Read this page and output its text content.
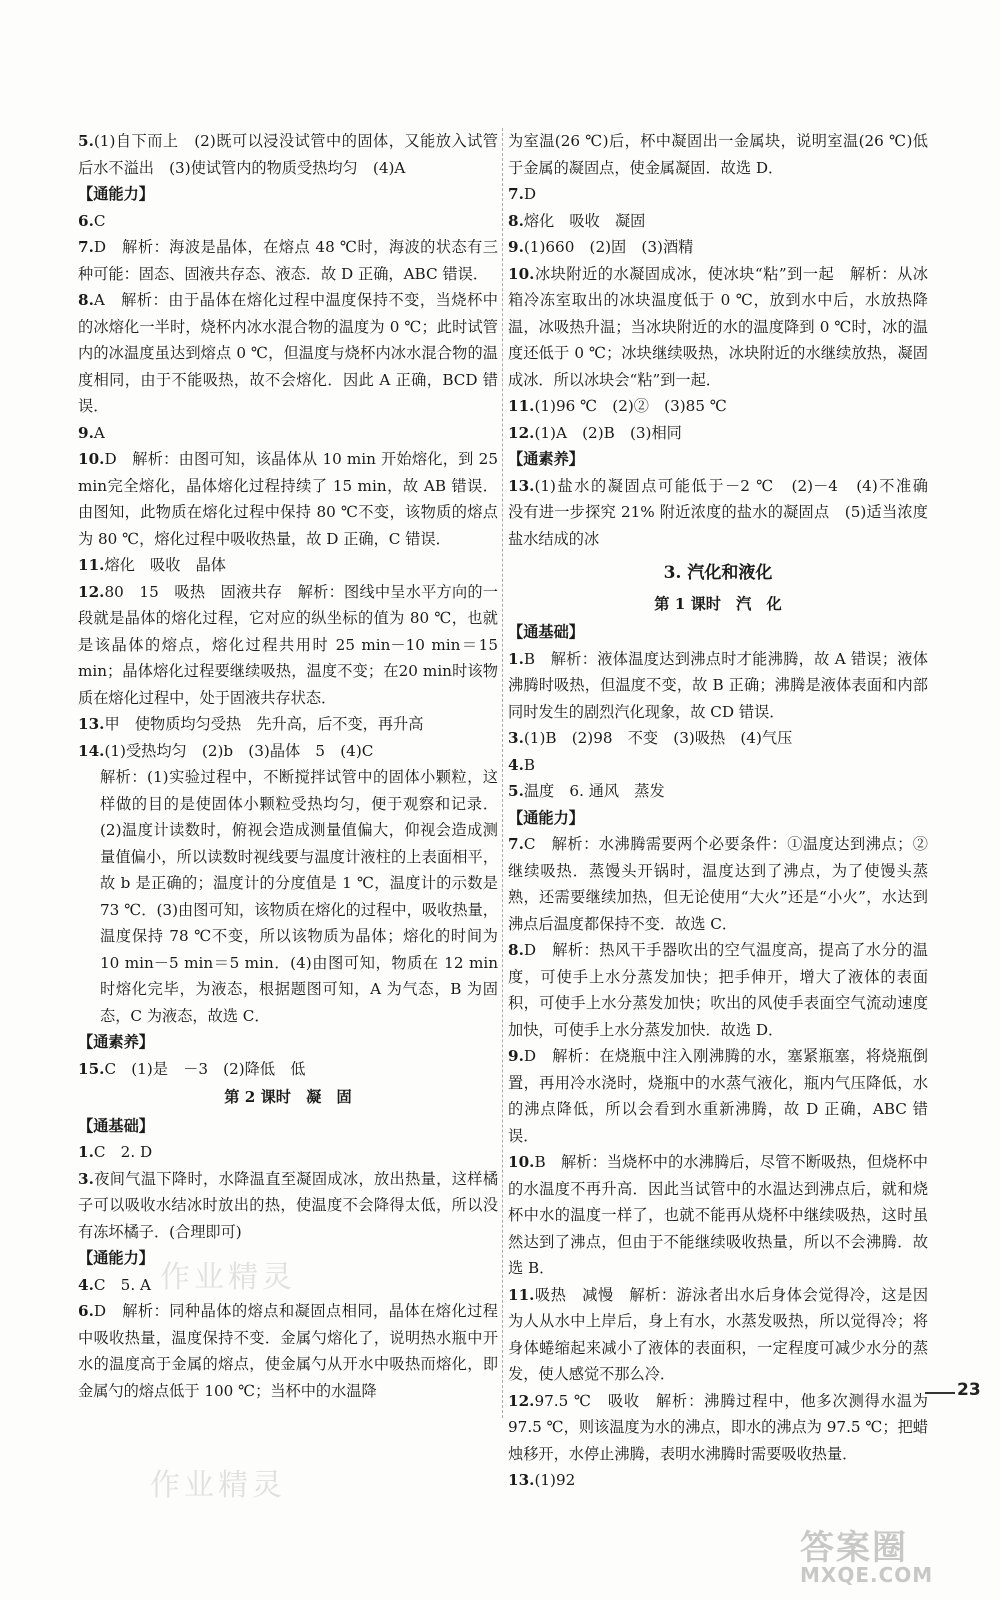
5.(1)自下而上　(2)既可以浸没试管中的固体，又能放入试管后水不溢出　(3)使试管内的物质受热均匀　(4)A
【通能力】
6.C
7.D　解析：海波是晶体，在熔点 48 ℃时，海波的状态有三种可能：固态、固液共存态、液态．故 D 正确，ABC 错误．
8.A　解析：由于晶体在熔化过程中温度保持不变，当烧杯中的冰熔化一半时，烧杯内冰水混合物的温度为 0 ℃；此时试管内的冰温度虽达到熔点 0 ℃，但温度与烧杯内冰水混合物的温度相同，由于不能吸热，故不会熔化．因此 A 正确，BCD 错误．
9.A
10.D　解析：由图可知，该晶体从 10 min 开始熔化，到 25 min完全熔化，晶体熔化过程持续了 15 min，故 AB 错误．由图知，此物质在熔化过程中保持 80 ℃不变，该物质的熔点为 80 ℃，熔化过程中吸收热量，故 D 正确，C 错误．
11.熔化　吸收　晶体
12.80　15　吸热　固液共存　解析：图线中呈水平方向的一段就是晶体的熔化过程，它对应的纵坐标的值为 80 ℃，也就是该晶体的熔点，熔化过程共用时 25 min－10 min＝15 min；晶体熔化过程要继续吸热，温度不变；在20 min时该物质在熔化过程中，处于固液共存状态．
13.甲　使物质均匀受热　先升高，后不变，再升高
14.(1)受热均匀　(2)b　(3)晶体　5　(4)C
解析：(1)实验过程中，不断搅拌试管中的固体小颗粒，这样做的目的是使固体小颗粒受热均匀，便于观察和记录．(2)温度计读数时，俯视会造成测量值偏大，仰视会造成测量值偏小，所以读数时视线要与温度计液柱的上表面相平，故 b 是正确的；温度计的分度值是 1 ℃，温度计的示数是 73 ℃．(3)由图可知，该物质在熔化的过程中，吸收热量，温度保持 78 ℃不变，所以该物质为晶体；熔化的时间为 10 min－5 min＝5 min．(4)由图可知，物质在 12 min 时熔化完毕，为液态，根据题图可知，A 为气态，B 为固态，C 为液态，故选 C．
【通素养】
15.C　(1)是　－3　(2)降低　低
第 2 课时　凝　固
【通基础】
1.C　2. D
3.夜间气温下降时，水降温直至凝固成冰，放出热量，这样橘子可以吸收水结冰时放出的热，使温度不会降得太低，所以没有冻坏橘子．(合理即可)
【通能力】
4.C　5. A
6.D　解析：同种晶体的熔点和凝固点相同，晶体在熔化过程中吸收热量，温度保持不变．金属勺熔化了，说明热水瓶中开水的温度高于金属的熔点，使金属勺从开水中吸热而熔化，即金属勺的熔点低于 100 ℃；当杯中的水温降
为室温(26 ℃)后，杯中凝固出一金属块，说明室温(26 ℃)低于金属的凝固点，使金属凝固．故选 D．
7.D
8.熔化　吸收　凝固
9.(1)660　(2)固　(3)酒精
10.冰块附近的水凝固成冰，使冰块“粘”到一起　解析：从冰箱冷冻室取出的冰块温度低于 0 ℃，放到水中后，水放热降温，冰吸热升温；当冰块附近的水的温度降到 0 ℃时，冰的温度还低于 0 ℃；冰块继续吸热，冰块附近的水继续放热，凝固成冰．所以冰块会“粘”到一起．
11.(1)96 ℃　(2)②　(3)85 ℃
12.(1)A　(2)B　(3)相同
【通素养】
13.(1)盐水的凝固点可能低于－2 ℃　(2)－4　(4)不准确　没有进一步探究 21% 附近浓度的盐水的凝固点　(5)适当浓度盐水结成的冰
3. 汽化和液化
第 1 课时　汽　化
【通基础】
1.B　解析：液体温度达到沸点时才能沸腾，故 A 错误；液体沸腾时吸热，但温度不变，故 B 正确；沸腾是液体表面和内部同时发生的剧烈汽化现象，故 CD 错误．
3.(1)B　(2)98　不变　(3)吸热　(4)气压
4.B
5.温度　6. 通风　蒸发
【通能力】
7.C　解析：水沸腾需要两个必要条件：①温度达到沸点；②继续吸热．蒸馒头开锅时，温度达到了沸点，为了使馒头蒸熟，还需要继续加热，但无论使用“大火”还是“小火”，水达到沸点后温度都保持不变．故选 C．
8.D　解析：热风干手器吹出的空气温度高，提高了水分的温度，可使手上水分蒸发加快；把手伸开，增大了液体的表面积，可使手上水分蒸发加快；吹出的风使手表面空气流动速度加快，可使手上水分蒸发加快．故选 D．
9.D　解析：在烧瓶中注入刚沸腾的水，塞紧瓶塞，将烧瓶倒置，再用冷水浇时，烧瓶中的水蒸气液化，瓶内气压降低，水的沸点降低，所以会看到水重新沸腾，故 D 正确，ABC 错误．
10.B　解析：当烧杯中的水沸腾后，尽管不断吸热，但烧杯中的水温度不再升高．因此当试管中的水温达到沸点后，就和烧杯中水的温度一样了，也就不能再从烧杯中继续吸热，这时虽然达到了沸点，但由于不能继续吸收热量，所以不会沸腾．故选 B．
11.吸热　减慢　解析：游泳者出水后身体会觉得冷，这是因为人从水中上岸后，身上有水，水蒸发吸热，所以觉得冷；将身体蜷缩起来减小了液体的表面积，一定程度可减少水分的蒸发，使人感觉不那么冷．
12.97.5 ℃　吸收　解析：沸腾过程中，他多次测得水温为 97.5 ℃，则该温度为水的沸点，即水的沸点为 97.5 ℃；把蜡烛移开，水停止沸腾，表明水沸腾时需要吸收热量．
13.(1)92
作业精灵
作业精灵
23
答案圈
MXQE.COM
